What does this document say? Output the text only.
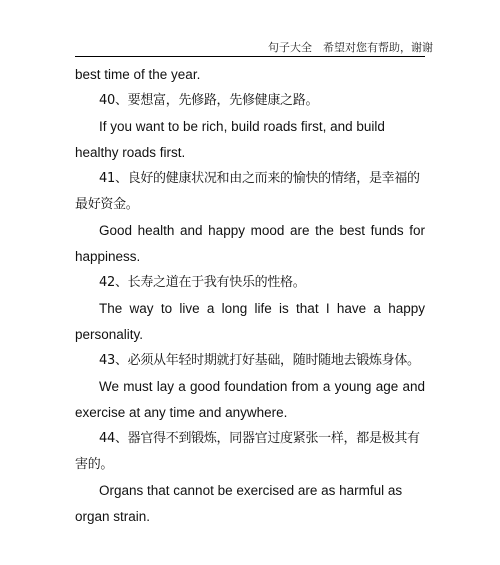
句子大全　希望对您有帮助，谢谢

best time of the year.

40、要想富，先修路，先修健康之路。

If you want to be rich, build roads first, and build healthy roads first.

41、良好的健康状况和由之而来的愉快的情绪，是幸福的最好资金。

Good health and happy mood are the best funds for happiness.

42、长寿之道在于我有快乐的性格。

The way to live a long life is that I have a happy personality.

43、必须从年轻时期就打好基础，随时随地去锻炼身体。

We must lay a good foundation from a young age and exercise at any time and anywhere.

44、器官得不到锻炼，同器官过度紧张一样，都是极其有害的。

Organs that cannot be exercised are as harmful as organ strain.
